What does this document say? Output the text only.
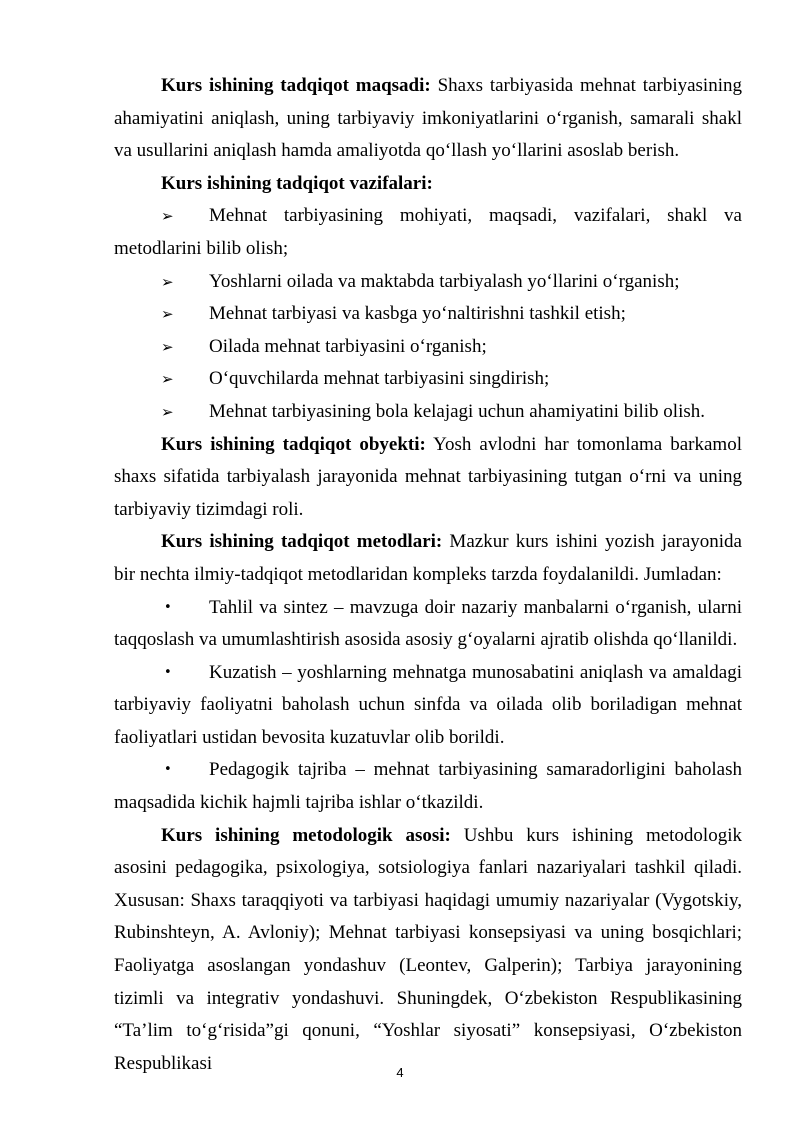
Kurs ishining tadqiqot maqsadi: Shaxs tarbiyasida mehnat tarbiyasining ahamiyatini aniqlash, uning tarbiyaviy imkoniyatlarini o‘rganish, samarali shakl va usullarini aniqlash hamda amaliyotda qo‘llash yo‘llarini asoslab berish.

Kurs ishining tadqiqot vazifalari:

➢ Mehnat tarbiyasining mohiyati, maqsadi, vazifalari, shakl va metodlarini bilib olish;

➢ Yoshlarni oilada va maktabda tarbiyalash yo‘llarini o‘rganish;

➢ Mehnat tarbiyasi va kasbga yo‘naltirishni tashkil etish;

➢ Oilada mehnat tarbiyasini o‘rganish;

➢ O‘quvchilarda mehnat tarbiyasini singdirish;

➢ Mehnat tarbiyasining bola kelajagi uchun ahamiyatini bilib olish.

Kurs ishining tadqiqot obyekti: Yosh avlodni har tomonlama barkamol shaxs sifatida tarbiyalash jarayonida mehnat tarbiyasining tutgan o‘rni va uning tarbiyaviy tizimdagi roli.

Kurs ishining tadqiqot metodlari: Mazkur kurs ishini yozish jarayonida bir nechta ilmiy-tadqiqot metodlaridan kompleks tarzda foydalanildi. Jumladan:

• Tahlil va sintez – mavzuga doir nazariy manbalarni o‘rganish, ularni taqqoslash va umumlashtirish asosida asosiy g‘oyalarni ajratib olishda qo‘llanildi.

• Kuzatish – yoshlarning mehnatga munosabatini aniqlash va amaldagi tarbiyaviy faoliyatni baholash uchun sinfda va oilada olib boriladigan mehnat faoliyatlari ustidan bevosita kuzatuvlar olib borildi.

• Pedagogik tajriba – mehnat tarbiyasining samaradorligini baholash maqsadida kichik hajmli tajriba ishlar o‘tkazildi.

Kurs ishining metodologik asosi: Ushbu kurs ishining metodologik asosini pedagogika, psixologiya, sotsiologiya fanlari nazariyalari tashkil qiladi. Xususan: Shaxs taraqqiyoti va tarbiyasi haqidagi umumiy nazariyalar (Vygotskiy, Rubinshteyn, A. Avloniy); Mehnat tarbiyasi konsepsiyasi va uning bosqichlari; Faoliyatga asoslangan yondashuv (Leontev, Galperin); Tarbiya jarayonining tizimli va integrativ yondashuvi. Shuningdek, O‘zbekiston Respublikasining “Ta’lim to‘g‘risida”gi qonuni, “Yoshlar siyosati” konsepsiyasi, O‘zbekiston Respublikasi	4
